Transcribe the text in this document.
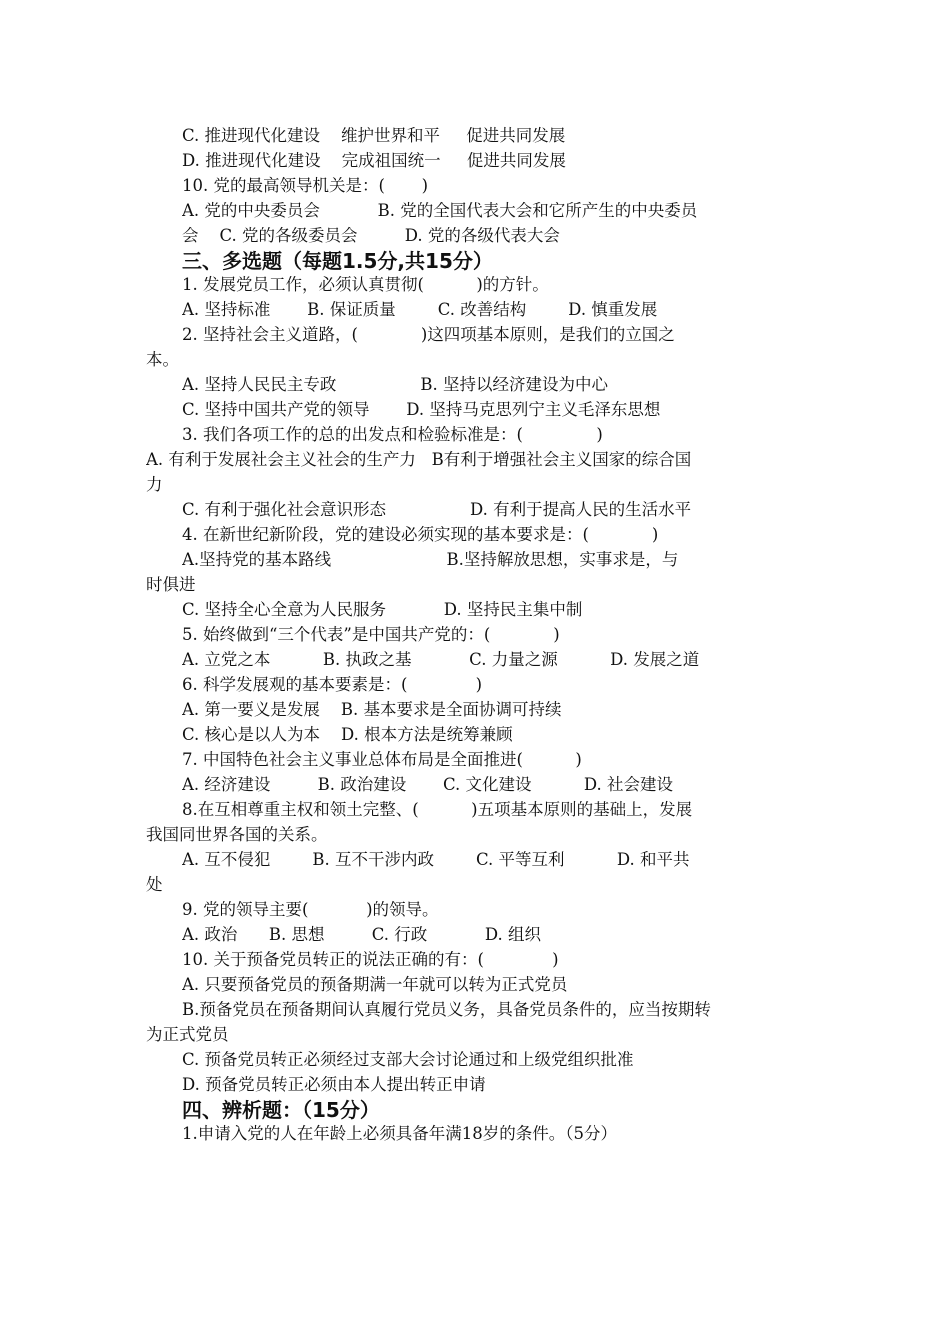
C. 推进现代化建设    维护世界和平     促进共同发展
D. 推进现代化建设    完成祖国统一     促进共同发展
10. 党的最高领导机关是：(       )
A. 党的中央委员会           B. 党的全国代表大会和它所产生的中央委员
会    C. 党的各级委员会         D. 党的各级代表大会
三、多选题（每题1.5分,共15分）
1. 发展党员工作，必须认真贯彻(          )的方针。
A. 坚持标准       B. 保证质量        C. 改善结构        D. 慎重发展
2. 坚持社会主义道路，(            )这四项基本原则，是我们的立国之
本。
A. 坚持人民民主专政                B. 坚持以经济建设为中心
C. 坚持中国共产党的领导       D. 坚持马克思列宁主义毛泽东思想
3. 我们各项工作的总的出发点和检验标准是：(              )
A. 有利于发展社会主义社会的生产力   B有利于增强社会主义国家的综合国
力
C. 有利于强化社会意识形态                D. 有利于提高人民的生活水平
4. 在新世纪新阶段，党的建设必须实现的基本要求是：(            )
A.坚持党的基本路线                      B.坚持解放思想，实事求是，与
时俱进
C. 坚持全心全意为人民服务           D. 坚持民主集中制
5. 始终做到“三个代表”是中国共产党的：(            )
A. 立党之本          B. 执政之基           C. 力量之源          D. 发展之道
6. 科学发展观的基本要素是：(             )
A. 第一要义是发展    B. 基本要求是全面协调可持续
C. 核心是以人为本    D. 根本方法是统筹兼顾
7. 中国特色社会主义事业总体布局是全面推进(          )
A. 经济建设         B. 政治建设       C. 文化建设          D. 社会建设
8.在互相尊重主权和领土完整、(          )五项基本原则的基础上，发展
我国同世界各国的关系。
A. 互不侵犯        B. 互不干涉内政        C. 平等互利          D. 和平共
处
9. 党的领导主要(           )的领导。
A. 政治      B. 思想         C. 行政           D. 组织
10. 关于预备党员转正的说法正确的有：(             )
A. 只要预备党员的预备期满一年就可以转为正式党员
B.预备党员在预备期间认真履行党员义务，具备党员条件的，应当按期转
为正式党员
C. 预备党员转正必须经过支部大会讨论通过和上级党组织批准
D. 预备党员转正必须由本人提出转正申请
四、辨析题：（15分）
1.申请入党的人在年龄上必须具备年满18岁的条件。（5分）
